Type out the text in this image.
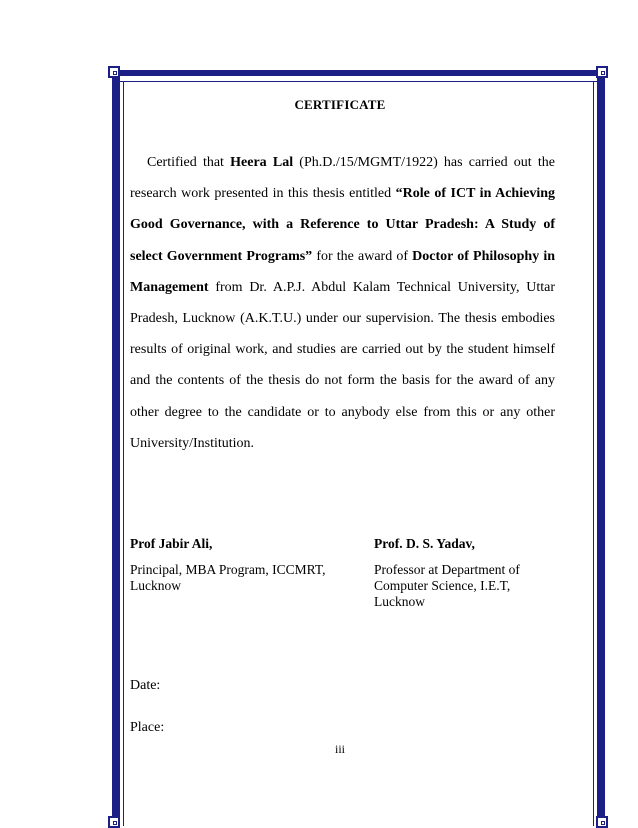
CERTIFICATE

Certified that Heera Lal (Ph.D./15/MGMT/1922) has carried out the research work presented in this thesis entitled “Role of ICT in Achieving Good Governance, with a Reference to Uttar Pradesh: A Study of select Government Programs” for the award of Doctor of Philosophy in Management from Dr. A.P.J. Abdul Kalam Technical University, Uttar Pradesh, Lucknow (A.K.T.U.) under our supervision. The thesis embodies results of original work, and studies are carried out by the student himself and the contents of the thesis do not form the basis for the award of any other degree to the candidate or to anybody else from this or any other University/Institution.

Prof Jabir Ali,
Principal, MBA Program, ICCMRT,
Lucknow
Prof. D. S. Yadav,
Professor at Department of
Computer Science, I.E.T,
Lucknow
Date:
Place:
iii
